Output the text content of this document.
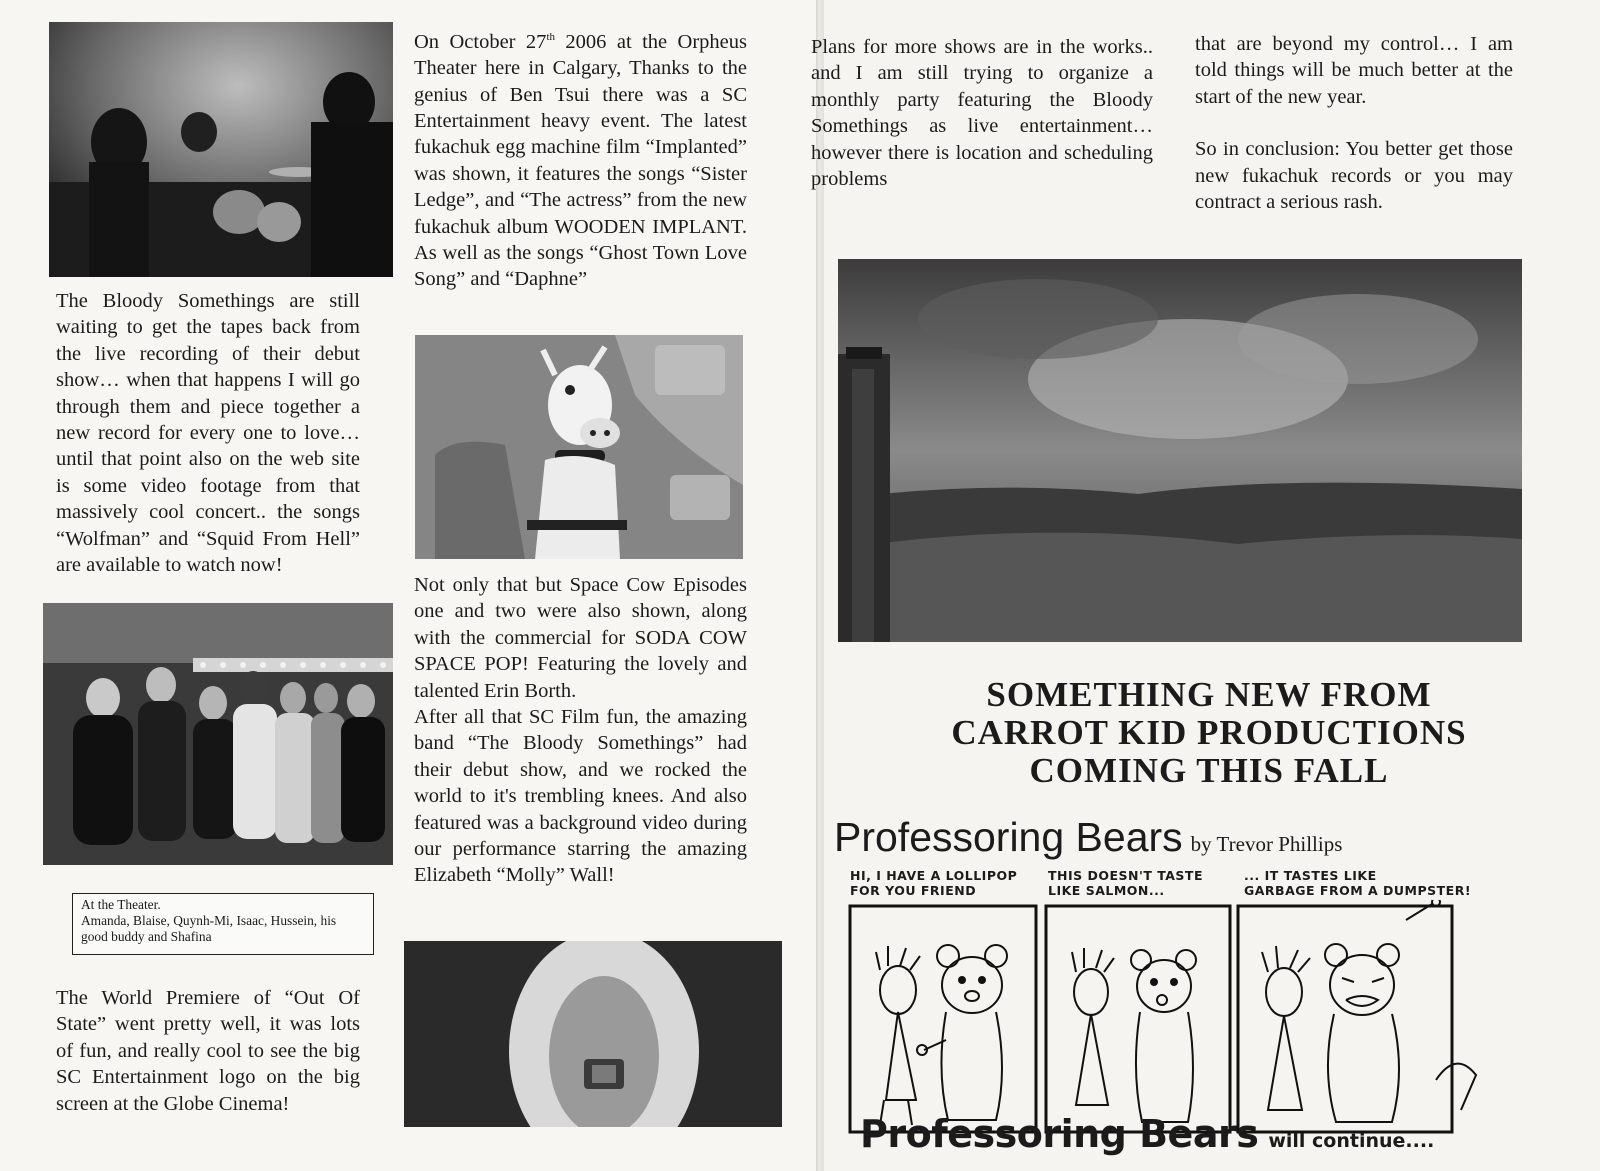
The Bloody Somethings are still waiting to get the tapes back from the live recording of their debut show… when that happens I will go through them and piece together a new record for every one to love… until that point also on the web site is some video footage from that massively cool concert.. the songs “Wolfman” and “Squid From Hell” are available to watch now!

At the Theater.
Amanda, Blaise, Quynh-Mi, Isaac, Hussein, his good buddy and Shafina

The World Premiere of “Out Of State” went pretty well, it was lots of fun, and really cool to see the big SC Entertainment logo on the big screen at the Globe Cinema!

On October 27th 2006 at the Orpheus Theater here in Calgary, Thanks to the genius of Ben Tsui there was a SC Entertainment heavy event. The latest fukachuk egg machine film “Implanted” was shown, it features the songs “Sister Ledge”, and “The actress” from the new fukachuk album WOODEN IMPLANT. As well as the songs “Ghost Town Love Song” and “Daphne”

Not only that but Space Cow Episodes one and two were also shown, along with the commercial for SODA COW SPACE POP! Featuring the lovely and talented Erin Borth.

After all that SC Film fun, the amazing band “The Bloody Somethings” had their debut show, and we rocked the world to it's trembling knees. And also featured was a background video during our performance starring the amazing Elizabeth “Molly” Wall!

Plans for more shows are in the works.. and I am still trying to organize a monthly party featuring the Bloody Somethings as live entertainment… however there is location and scheduling problems

that are beyond my control… I am told things will be much better at the start of the new year.

So in conclusion: You better get those new fukachuk records or you may contract a serious rash.

SOMETHING NEW FROM
CARROT KID PRODUCTIONS
COMING THIS FALL
Professoring Bears by Trevor Phillips
HI, I HAVE A LOLLIPOP
FOR YOU FRIEND
THIS DOESN'T TASTE
LIKE SALMON...
... IT TASTES LIKE
GARBAGE FROM A DUMPSTER!
Professoring Bears will continue....
